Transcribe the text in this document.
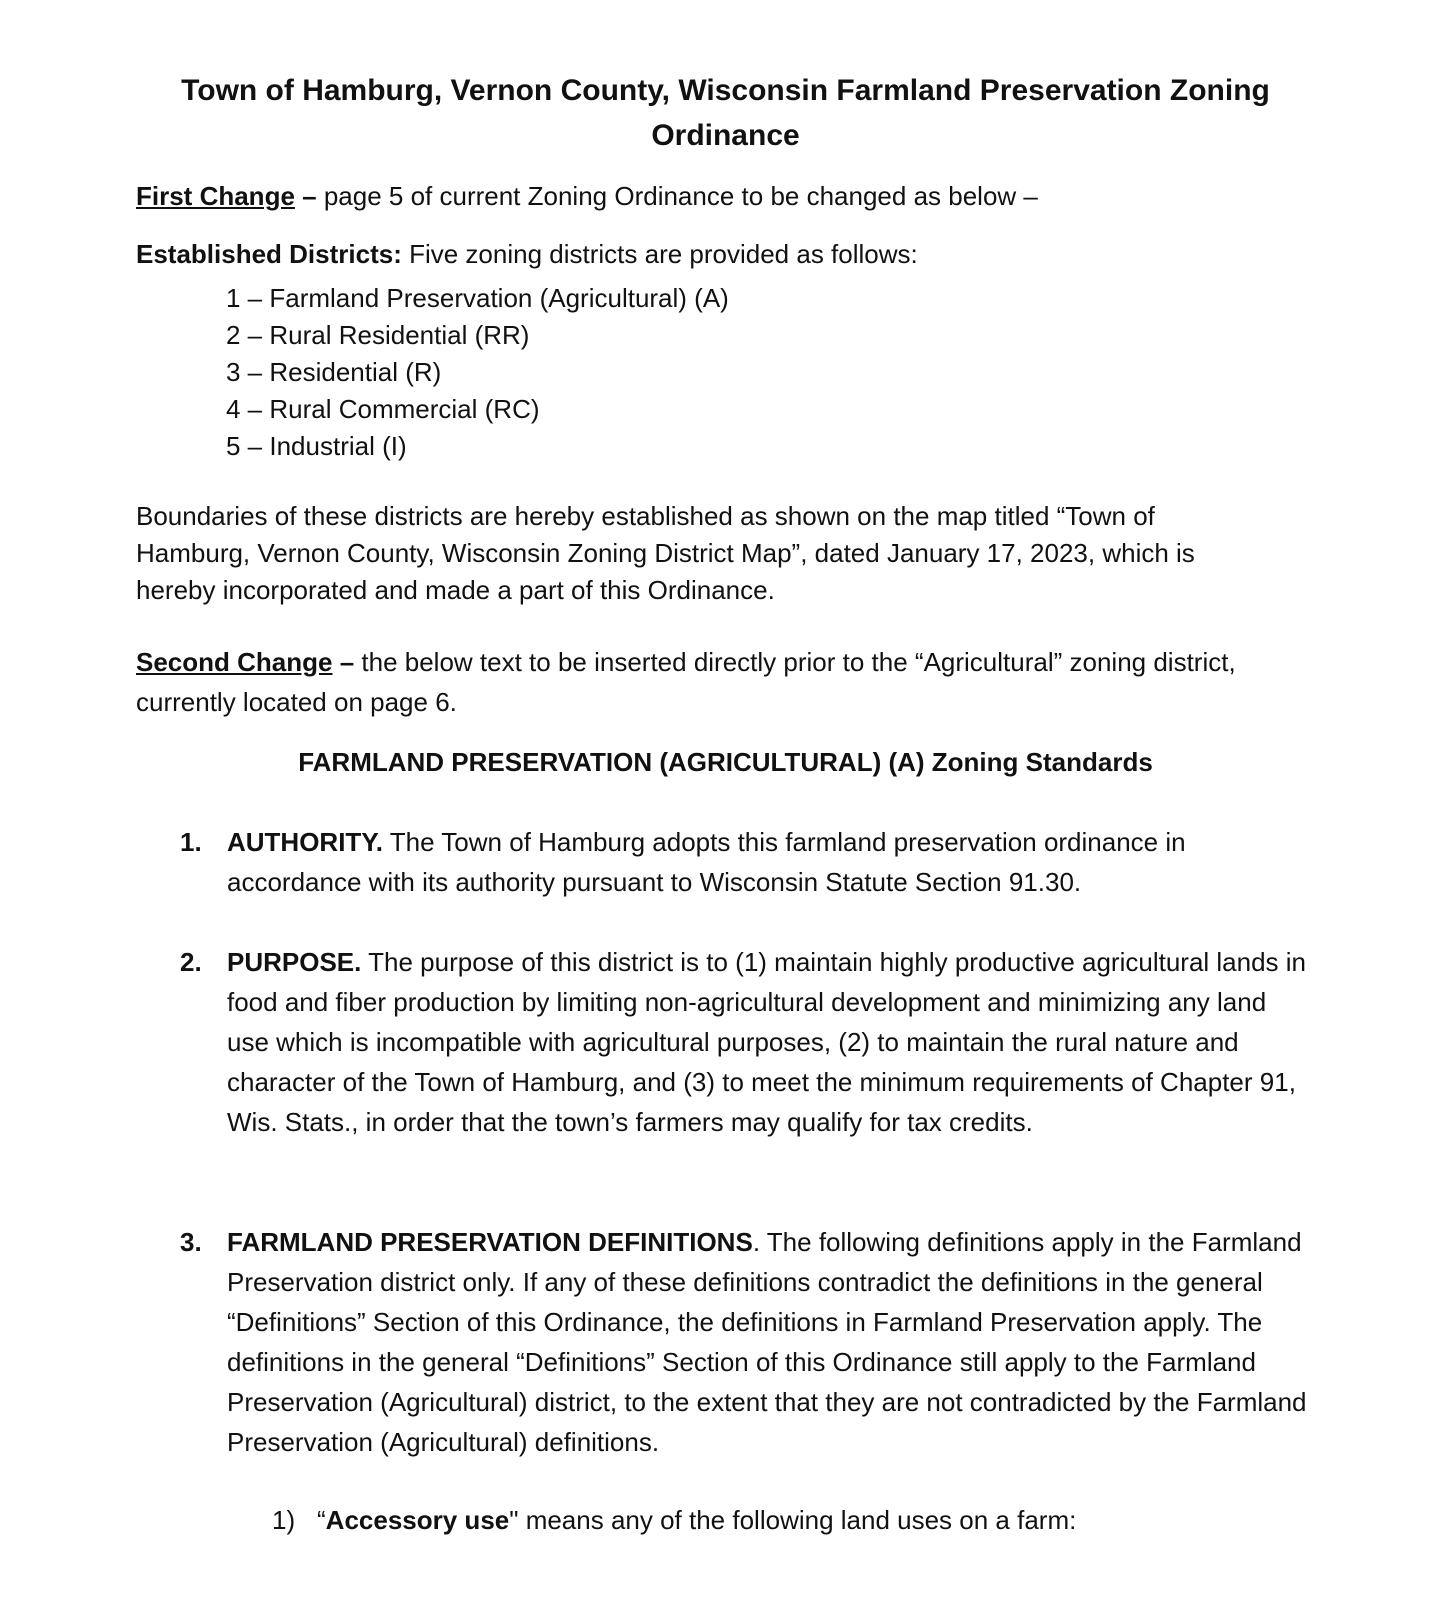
Town of Hamburg, Vernon County, Wisconsin Farmland Preservation Zoning Ordinance
First Change – page 5 of current Zoning Ordinance to be changed as below –
Established Districts: Five zoning districts are provided as follows:
1 – Farmland Preservation (Agricultural) (A)
2 – Rural Residential (RR)
3 – Residential (R)
4 – Rural Commercial (RC)
5 – Industrial (I)
Boundaries of these districts are hereby established as shown on the map titled “Town of Hamburg, Vernon County, Wisconsin Zoning District Map”, dated January 17, 2023, which is hereby incorporated and made a part of this Ordinance.
Second Change – the below text to be inserted directly prior to the “Agricultural” zoning district, currently located on page 6.
FARMLAND PRESERVATION (AGRICULTURAL) (A) Zoning Standards
1. AUTHORITY. The Town of Hamburg adopts this farmland preservation ordinance in accordance with its authority pursuant to Wisconsin Statute Section 91.30.
2. PURPOSE. The purpose of this district is to (1) maintain highly productive agricultural lands in food and fiber production by limiting non-agricultural development and minimizing any land use which is incompatible with agricultural purposes, (2) to maintain the rural nature and character of the Town of Hamburg, and (3) to meet the minimum requirements of Chapter 91, Wis. Stats., in order that the town’s farmers may qualify for tax credits.
3. FARMLAND PRESERVATION DEFINITIONS. The following definitions apply in the Farmland Preservation district only. If any of these definitions contradict the definitions in the general “Definitions” Section of this Ordinance, the definitions in Farmland Preservation apply. The definitions in the general “Definitions” Section of this Ordinance still apply to the Farmland Preservation (Agricultural) district, to the extent that they are not contradicted by the Farmland Preservation (Agricultural) definitions.
1) “Accessory use" means any of the following land uses on a farm:
